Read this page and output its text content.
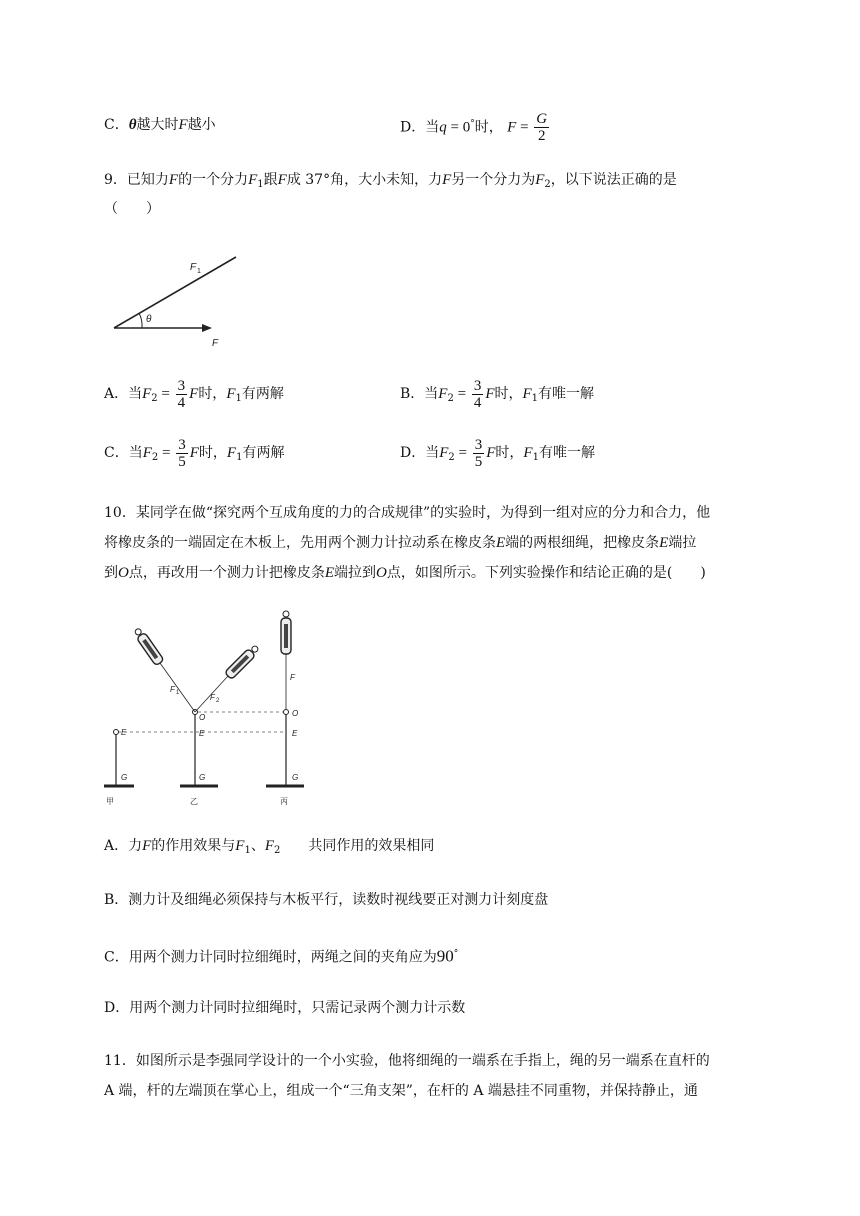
C．θ越大时F越小	D．当q = 0°时， $F = \frac{G}{2}$
9．已知力F的一个分力$F_1$跟F成 37°角，大小未知，力F另一个分力为$F_2$，以下说法正确的是
（　　）
F 1
θ
F
A．当$F_2 = \frac{3}{4}$ F时，$F_1$有两解	B．当$F_2 = \frac{3}{4}$ F时，$F_1$有唯一解
C．当$F_2 = \frac{3}{5}$ F时，$F_1$有两解	D．当$F_2 = \frac{3}{5}$ F时，$F_1$有唯一解
10．某同学在做“探究两个互成角度的力的合成规律”的实验时，为得到一组对应的分力和合力，他
将橡皮条的一端固定在木板上，先用两个测力计拉动系在橡皮条E端的两根细绳，把橡皮条E端拉
到O点，再改用一个测力计把橡皮条E端拉到O点，如图所示。下列实验操作和结论正确的是(　　)
E
G
甲
F 1	F 2
O
E
G
乙
F
O
E
G
丙
A．力F的作用效果与$F_1$、$F_2$　　共同作用的效果相同
B．测力计及细绳必须保持与木板平行，读数时视线要正对测力计刻度盘
C．用两个测力计同时拉细绳时，两绳之间的夹角应为90°
D．用两个测力计同时拉细绳时，只需记录两个测力计示数
11．如图所示是李强同学设计的一个小实验，他将细绳的一端系在手指上，绳的另一端系在直杆的
A 端，杆的左端顶在掌心上，组成一个“三角支架”，在杆的 A 端悬挂不同重物，并保持静止，通
